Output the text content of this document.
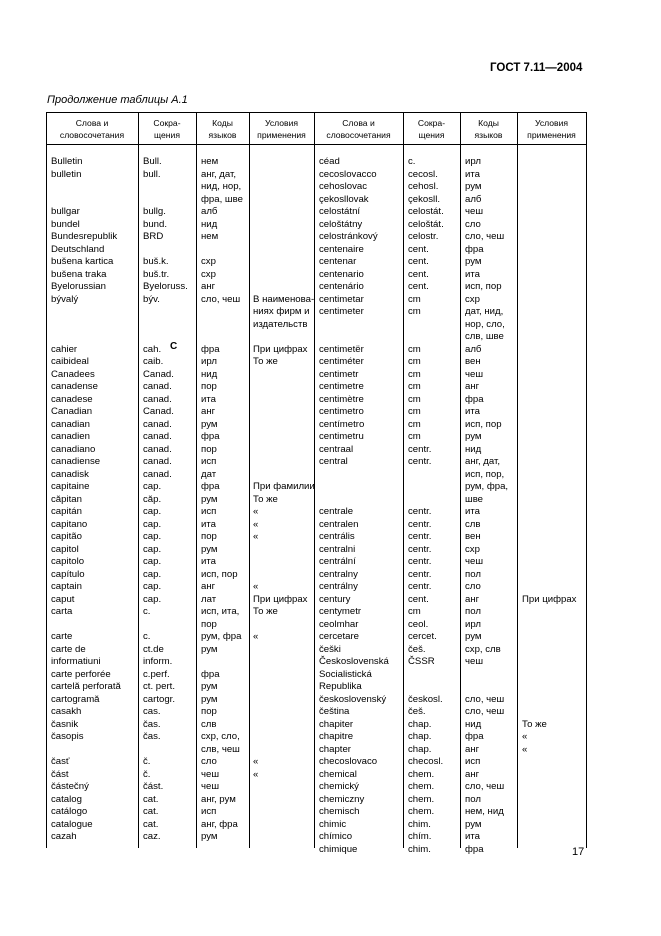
ГОСТ 7.11—2004
Продолжение таблицы А.1
Слова и
словосочетания
Сокра-
щения
Коды
языков
Условия
применения
Слова и
словосочетания
Сокра-
щения
Коды
языков
Условия
применения
C
Bulletin
bulletin
bullgar
bundel
Bundesrepublik
Deutschland
bušena kartica
bušena traka
Byelorussian
bývalý
cahier
caibideal
Canadees
canadense
canadese
Canadian
canadian
canadien
canadiano
canadiense
canadisk
capitaine
căpitan
capitán
capitano
capitão
capitol
capitolo
capítulo
captain
caput
carta
carte
carte de
informatiuni
carte perforée
cartelă perforată
cartogramă
casakh
časnik
časopis
časť
část
částečný
catalog
catálogo
catalogue
cazah
Bull.
bull.
bullg.
bund.
BRD
buš.k.
buš.tr.
Byeloruss.
býv.
cah.
caib.
Canad.
canad.
canad.
Canad.
canad.
canad.
canad.
canad.
canad.
cap.
căp.
cap.
cap.
cap.
cap.
cap.
cap.
cap.
cap.
c.
c.
ct.de
inform.
c.perf.
ct. pert.
cartogr.
cas.
čas.
čas.
č.
č.
část.
cat.
cat.
cat.
caz.
нем
анг, дат,
нид, нор,
фра, шве
алб
нид
нем
схр
схр
анг
сло, чеш
фра
ирл
нид
пор
ита
анг
рум
фра
пор
исп
дат
фра
рум
исп
ита
пор
рум
ита
исп, пор
анг
лат
исп, ита,
пор
рум, фра
рум
фра
рум
рум
пор
слв
схр, сло,
слв, чеш
сло
чеш
чеш
анг, рум
исп
анг, фра
рум
В наименова-
ниях фирм и
издательств
При цифрах
То же
При фамилии
То же
«
«
«
«
При цифрах
То же
«
«
«
céad
cecoslovacco
cehoslovac
çekosllovak
celostátní
celoštátny
celostránkový
centenaire
centenar
centenario
centenário
centimetar
centimeter
centimetër
centiméter
centimetr
centimetre
centimètre
centimetro
centímetro
centimetru
centraal
central
centrale
centralen
centrális
centralni
centrální
centralny
centrálny
century
centymetr
ceolmhar
cercetare
češki
Československá
Socialistická
Republika
československý
čeština
chapiter
chapitre
chapter
checoslovaco
chemical
chemický
chemiczny
chemisch
chimic
chímico
chimique
c.
cecosl.
cehosl.
çekosll.
celostát.
celoštát.
celostr.
cent.
cent.
cent.
cent.
cm
cm
cm
cm
cm
cm
cm
cm
cm
cm
centr.
centr.
centr.
centr.
centr.
centr.
centr.
centr.
centr.
cent.
cm
ceol.
cercet.
češ.
ČSSR
českosl.
češ.
chap.
chap.
chap.
checosl.
chem.
chem.
chem.
chem.
chim.
chím.
chim.
ирл
ита
рум
алб
чеш
сло
сло, чеш
фра
рум
ита
исп, пор
схр
дат, нид,
нор, сло,
слв, шве
алб
вен
чеш
анг
фра
ита
исп, пор
рум
нид
анг, дат,
исп, пор,
рум, фра,
шве
ита
слв
вен
схр
чеш
пол
сло
анг
пол
ирл
рум
схр, слв
чеш
сло, чеш
сло, чеш
нид
фра
анг
исп
анг
сло, чеш
пол
нем, нид
рум
ита
фра
При цифрах
То же
«
«
17
